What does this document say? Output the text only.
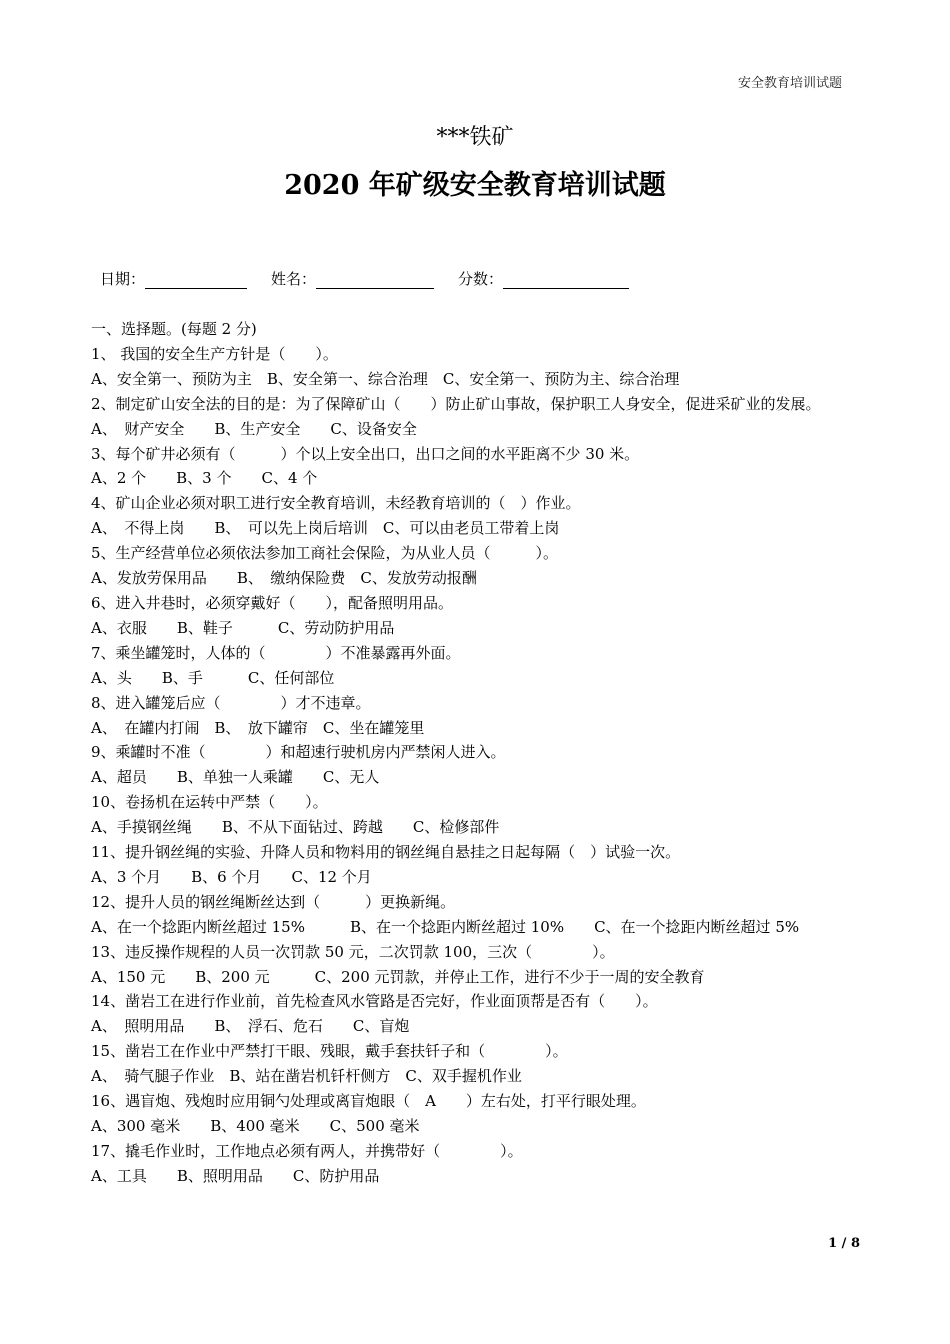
安全教育培训试题
***铁矿
2020 年矿级安全教育培训试题
日期：	姓名：	分数：

一、选择题。(每题 2 分)

1、 我国的安全生产方针是（　　）。

A、安全第一、预防为主　B、安全第一、综合治理　C、安全第一、预防为主、综合治理

2、制定矿山安全法的目的是：为了保障矿山（　　）防止矿山事故，保护职工人身安全，促进采矿业的发展。

A、　财产安全　　B、生产安全　　C、设备安全

3、每个矿井必须有（　　　）个以上安全出口，出口之间的水平距离不少 30 米。

A、2 个　　B、3 个　　C、4 个

4、矿山企业必须对职工进行安全教育培训，未经教育培训的（　）作业。

A、　不得上岗　　B、　可以先上岗后培训　C、可以由老员工带着上岗

5、生产经营单位必须依法参加工商社会保险，为从业人员（　　　）。

A、发放劳保用品　　B、　缴纳保险费　C、发放劳动报酬

6、进入井巷时，必须穿戴好（　　），配备照明用品。

A、衣服　　B、鞋子　　　C、劳动防护用品

7、乘坐罐笼时，人体的（　　　　）不准暴露再外面。

A、头　　B、手　　　C、任何部位

8、进入罐笼后应（　　　　）才不违章。

A、　在罐内打闹　B、　放下罐帘　C、坐在罐笼里

9、乘罐时不准（　　　　）和超速行驶机房内严禁闲人进入。

A、超员　　B、单独一人乘罐　　C、无人

10、卷扬机在运转中严禁（　　）。

A、手摸钢丝绳　　B、不从下面钻过、跨越　　C、检修部件

11、提升钢丝绳的实验、升降人员和物料用的钢丝绳自悬挂之日起每隔（　）试验一次。

A、3 个月　　B、6 个月　　C、12 个月

12、提升人员的钢丝绳断丝达到（　　　）更换新绳。

A、在一个捻距内断丝超过 15%　　　B、在一个捻距内断丝超过 10%　　C、在一个捻距内断丝超过 5%

13、违反操作规程的人员一次罚款 50 元，二次罚款 100，三次（　　　　）。

A、150 元　　B、200 元　　　C、200 元罚款，并停止工作，进行不少于一周的安全教育

14、凿岩工在进行作业前，首先检查风水管路是否完好，作业面顶帮是否有（　　）。

A、　照明用品　　B、　浮石、危石　　C、盲炮

15、凿岩工在作业中严禁打干眼、残眼，戴手套扶钎子和（　　　　）。

A、　骑气腿子作业　B、站在凿岩机钎杆侧方　C、双手握机作业

16、遇盲炮、残炮时应用铜勺处理或离盲炮眼（　A　　）左右处，打平行眼处理。

A、300 毫米　　B、400 毫米　　C、500 毫米

17、撬毛作业时，工作地点必须有两人，并携带好（　　　　）。

A、工具　　B、照明用品　　C、防护用品

1 / 8
